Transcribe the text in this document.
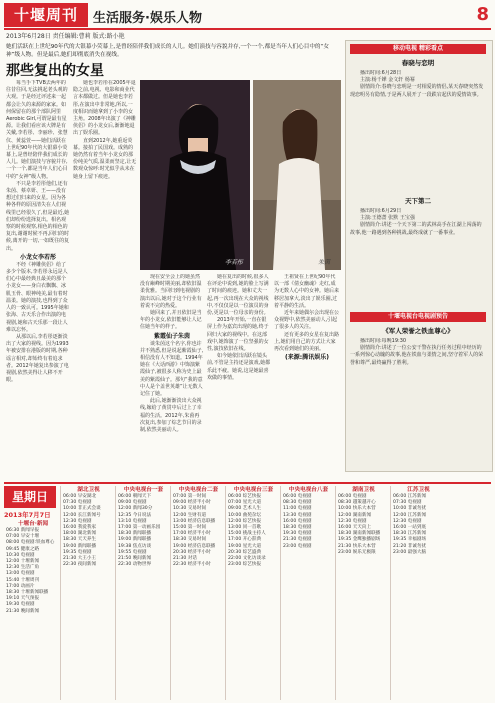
十堰周刊	生活服务·娱乐人物	8
2013年6月28日 责任编辑:曹莉 版式:路小艳
她们活跃在上世纪90年代的大银幕小荧幕上,是曾经陪伴我们成长的人儿。她们演技与容貌并存,一个一个,都是当年人们心目中的“女神”级人物。但是最后,她们却彻底消失在视线。
那些复出的女星

每当手下TVB去两年的往昔往回,无法挑起老头观的大观。于是经过评述来一起都会让久的来源的家家。如何保留在的那个部队阿里Aerobic Girl,可谓是最有星源。让我们看应该大牌是有关戴,李若彤、李丽珍、张慧仪、黄蕊萱——她们活跃在上世纪90年代的大银幕小荧幕上,是曾经陪伴我们成长的人儿。她们演技与容貌并存,一个一个,都是当年人们心目中的“女神”级人物。

不只是李若彤他们,还有朱茵、蔡卓妍、王——没有想过们归来的女星。因为各种各样的原因清失在人们视线里已经很久了,但是最近,她们却纷纷选择复出。相名观察的时候观察,相色的相色的复出,谢谢时候不再,回归的时候,离开的一切,一如既往的复出。

小龙女李若彤

不经《神雕侠侣》给了多少个版本,李若彤永远是人们心中最经典且最美的那个小龙女——身白衣飘飘、冰肌玉骨、眼神纯美,最有着时温柔。她的演技,也得到了众人的一致认可。1995年她和张海、古天乐合作出演的电视剧,她和古天乐那一段让人难以忘怀。

从那以后,李若彤逐渐淡出了大家的视线。因为1993年被安排在港版的时期,各种谣言相对,却始终有着追求者。2012年她复出参演了电视剧,依然美得让人移不开眼。

她也李若彤在2005年退隐之前,电视、电影和商业代言本都做过。但是她也李若彤,在演出中非常地,所以,一度相识而她拿到了小李的女主角。2008年出演了《神雕侠侣》的小龙女后,渐渐地退出了娱乐圈。

直到2012年,她重返荧幕。接拍了民国戏。成熟的她仍然有着当年小龙女的那份纯美气质,温柔而坚定,让无数观众惊呼:时光似乎从未在她身上留下痕迹。

李若彤	朱茵

现在安全会上的她虽然没有巅峰时期美丽,却依旧温柔优雅。当回归到电视剧的演出以后,她对于这个行业有着说不完的热爱。

她回来了,并且依旧是当年的小龙女,依旧能够让人记住她当年的样子。

紫霞仙子朱茵

谈朱茵这个名字,你也许并不熟悉,但是说起紫霞仙子,相信没有人不知道。1994年她在《大话西游》中饰演紫霞仙子,被很多人称为史上最美的紫霞仙子。那句“我的意中人是个盖世英雄”让无数人记住了她。

此后,她渐渐淡出大众视线,嫁给了黄贯中后过上了幸福的生活。2012年,朱茵再次复出,参加了综艺节目的录制,依然美丽动人。

她在复出的时候,很多人在评论中说到,她的脸上写满了时间的痕迹。她和丈夫一起,再一次出现在大众的视线中,不仅仅是以一位演员的身份,更是以一位母亲的身份。

2013年开始,一直在银屏上作为嘉宾出现的她,终于回归大家的视线中。在这部戏中,她饰演了一位坚强的女性,演技依旧在线。

如今她依旧活跃在镜头前,不管是主持还是演戏,她都乐此不疲。她说,这是她最喜欢做的事情。

王祖贤在上世纪90年代以一部《倩女幽魂》走红,成为无数人心中的女神。她后来移居加拿大,淡出了娱乐圈,过着平静的生活。

近年来她偶尔会出现在公众视野中,依然美丽动人,引起了很多人的关注。

还有更多的女星在复出路上,她们用自己的方式让大家再次看到她们的美丽。

(来源:腾讯娱乐)
移动电视 精彩看点
春晓与恋明

播出时间:6月28日

主演:杨千嬅 金文轩 杨幂

剧情简介:春晓与恋明是一对相爱的情侣,某天春晓突然发现恋明另有隐情,于是两人展开了一段跌宕起伏的爱情故事。

天下第二

播出时间:6月29日

主演:王德蔷 张默 王宝强

剧情简介:讲述一个天下第二的武林高手在江湖上闯荡的故事,他一路遇到各种挑战,最终成就了一番事业。

十堰电视台电视剧预告
《军人荣誉之铁血尊心》

播出时间:每晚19:30

剧情简介:讲述了一位公安干警在执行任务过程中经历的一系列惊心动魄的故事,他在铁血与柔情之间,坚守着军人的荣誉和尊严,最终赢得了胜利。

星期日
2013年7月7日
十堰台·新闻
06:30 新闻早报
07:00 早安十堰
08:00 电视剧:铁血尊心
09:45 健康之路
10:30 电视剧
12:00 十堰新闻
12:30 生活广角
13:00 电视剧
15:40 十堰周刊
17:00 动画片
18:30 十堰新闻联播
19:10 天气预报
19:30 电视剧
21:30 晚间新闻
湖北卫视
06:00 早安湖北
07:30 电视剧
10:00 非正式会谈
12:00 长江新闻号
12:30 电视剧
16:00 我爱我家
18:00 湖北新闻
18:30 天天养生
19:00 新闻联播
19:35 电视剧
21:30 大王小王
22:30 夜间新闻
中央电视台一套
06:00 朝闻天下
09:00 电视剧
12:00 新闻30分
12:35 今日说法
13:10 电视剧
17:00 第一动画乐园
18:30 新闻联播
19:00 新闻联播
19:38 焦点访谈
19:55 电视剧
21:50 晚间新闻
22:30 动物世界
中央电视台二套
07:00 第一时间
09:00 经济半小时
10:30 交易时间
12:00 生财有道
13:00 经济信息联播
15:00 第一时间
17:00 经济半小时
18:30 交易时间
19:00 经济信息联播
20:30 经济半小时
21:30 对话
22:30 经济半小时
中央电视台三套
06:00 综艺快报
07:00 星光大道
09:00 艺术人生
10:00 曲苑杂坛
12:00 综艺快报
13:00 同一首歌
15:00 挑战主持人
17:00 开心辞典
19:00 星光大道
20:30 综艺盛典
22:00 文化访谈录
23:00 综艺快报
中央电视台八套
06:00 电视剧
08:30 电视剧
11:00 电视剧
13:30 电视剧
16:00 电视剧
18:30 电视剧
19:30 电视剧
21:30 电视剧
23:00 电视剧
湖南卫视
06:00 电视剧
08:30 越策越开心
10:00 快乐大本营
12:00 湖南新闻
12:30 电视剧
16:00 天天向上
18:30 湖南新闻联播
19:35 金鹰独播剧场
21:30 快乐大本营
23:00 娱乐无极限
江苏卫视
06:00 江苏新闻
07:30 电视剧
10:00 非诚勿扰
12:00 江苏新闻
12:30 电视剧
16:00 一站到底
18:30 江苏新闻
19:35 幸福剧场
21:20 非诚勿扰
23:00 最强大脑
